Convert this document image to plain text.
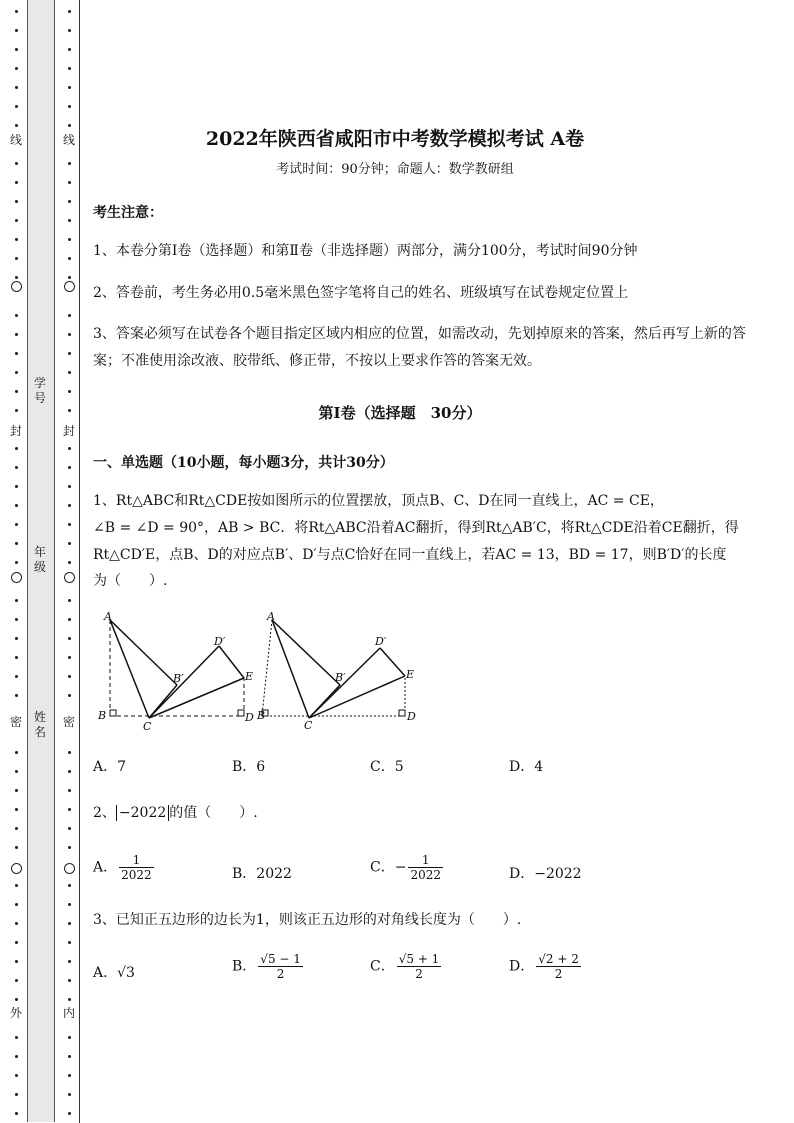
线
封
密
外
线
封
密
内
学号
年级
姓名
2022年陕西省咸阳市中考数学模拟考试 A卷
考试时间：90分钟；命题人：数学教研组
考生注意：
1、本卷分第I卷（选择题）和第Ⅱ卷（非选择题）两部分，满分100分，考试时间90分钟
2、答卷前，考生务必用0.5毫米黑色签字笔将自己的姓名、班级填写在试卷规定位置上
3、答案必须写在试卷各个题目指定区域内相应的位置，如需改动，先划掉原来的答案，然后再写上新的答案；不准使用涂改液、胶带纸、修正带，不按以上要求作答的答案无效。
第I卷（选择题　30分）
一、单选题（10小题，每小题3分，共计30分）
1、Rt△ABC和Rt△CDE按如图所示的位置摆放，顶点B、C、D在同一直线上，AC = CE，
∠B = ∠D = 90°，AB > BC．将Rt△ABC沿着AC翻折，得到Rt△AB′C，将Rt△CDE沿着CE翻折，得
Rt△CD′E，点B、D的对应点B′、D′与点C恰好在同一直线上，若AC = 13，BD = 17，则B′D′的长度
为（　　）.
A
B′
D′
E
B
C
D
A
D′
B′	E
B
C
D
A．7	B．6	C．5	D．4
2、 −2022 的值（　　）.
A． $\frac{1}{2022}$	B．2022	C．− $\frac{1}{2022}$	D．−2022
3、已知正五边形的边长为1，则该正五边形的对角线长度为（　　）.
A．√3	B． $\frac{√5 - 1}{2}$	C． $\frac{√5 + 1}{2}$	D． $\frac{√2 + 2}{2}$
